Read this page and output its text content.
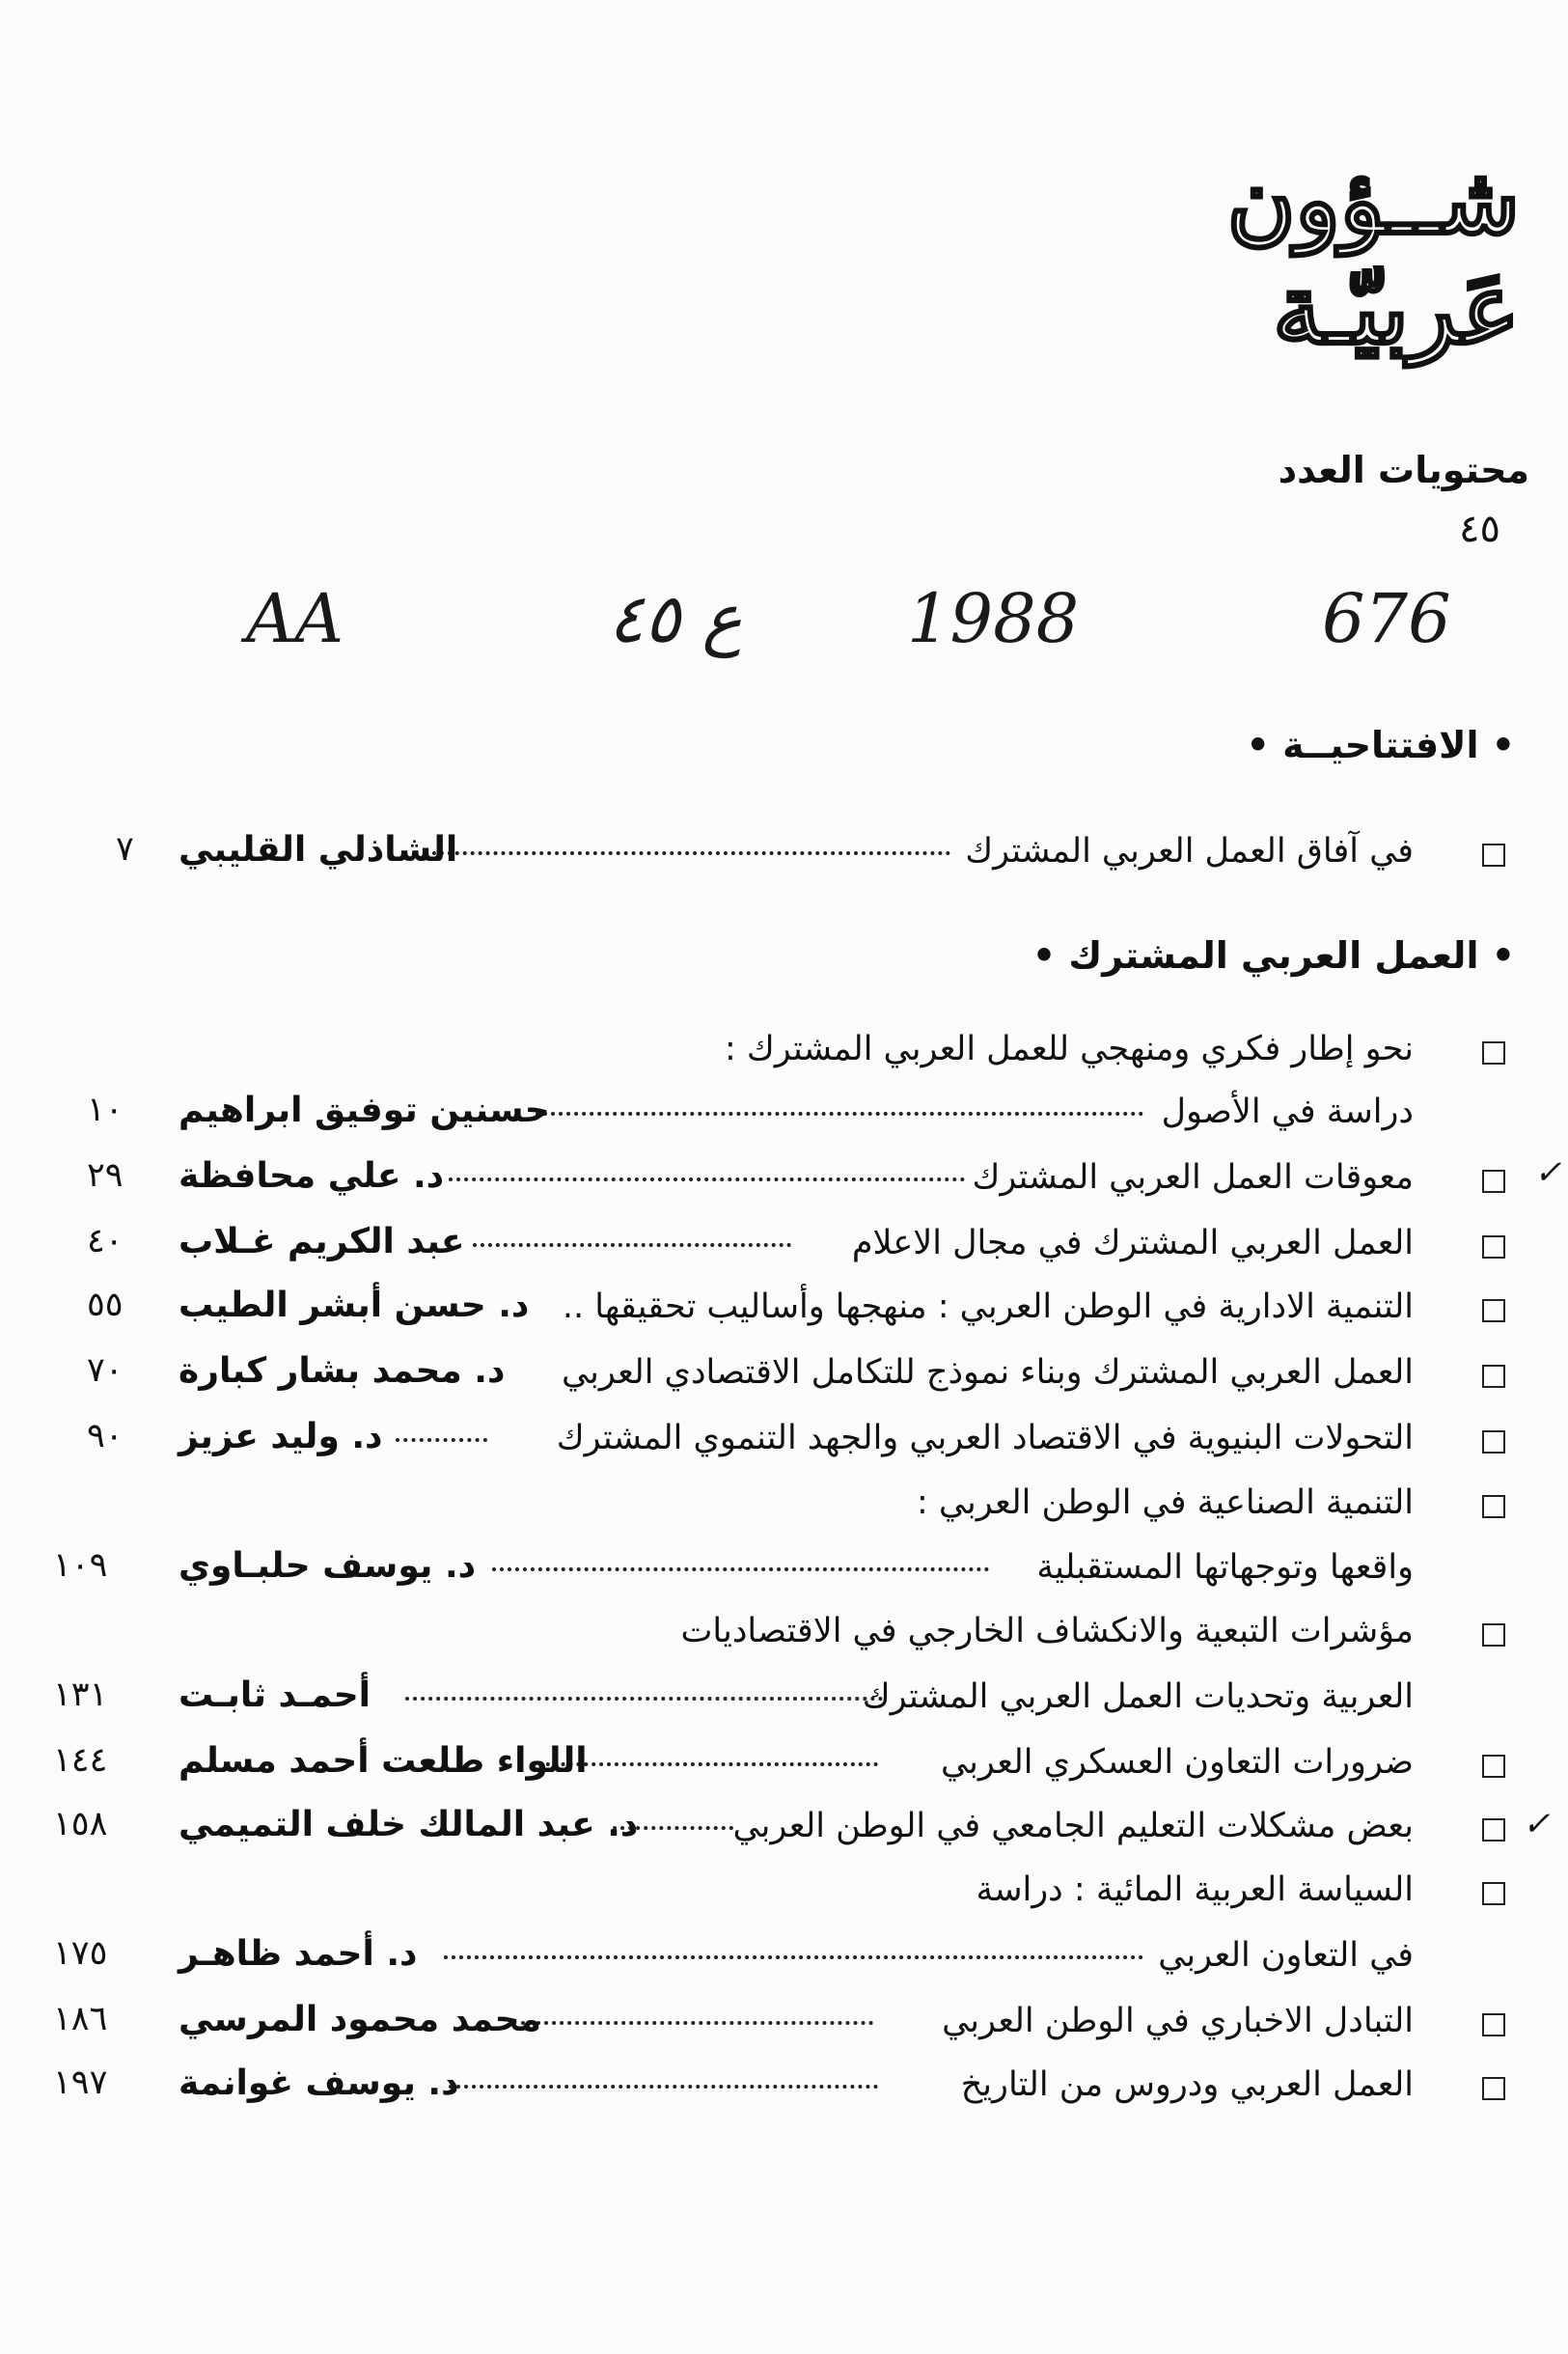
شــؤون
عَربيّـة
محتويات العدد
٤٥
AA	ع ٤٥ 1988	676
• الافتتاحيــة •
في آفاق العمل العربي المشترك
الشاذلي القليبي
٧
• العمل العربي المشترك •
نحو إطار فكري ومنهجي للعمل العربي المشترك :
دراسة في الأصول
حسنين توفيق ابراهيم
١٠
معوقات العمل العربي المشترك
د. علي محافظة
٢٩
العمل العربي المشترك في مجال الاعلام
عبد الكريم غـلاب
٤٠
التنمية الادارية في الوطن العربي : منهجها وأساليب تحقيقها ..
د. حسن أبشر الطيب
٥٥
العمل العربي المشترك وبناء نموذج للتكامل الاقتصادي العربي
د. محمد بشار كبارة
٧٠
التحولات البنيوية في الاقتصاد العربي والجهد التنموي المشترك
د. وليد عزيز
٩٠
التنمية الصناعية في الوطن العربي :
واقعها وتوجهاتها المستقبلية
د. يوسف حلبـاوي
١٠٩
مؤشرات التبعية والانكشاف الخارجي في الاقتصاديات
العربية وتحديات العمل العربي المشترك
أحمـد ثابـت
١٣١
ضرورات التعاون العسكري العربي
اللواء طلعت أحمد مسلم
١٤٤
بعض مشكلات التعليم الجامعي في الوطن العربي
د. عبد المالك خلف التميمي
١٥٨
السياسة العربية المائية : دراسة
في التعاون العربي
د. أحمد ظاهـر
١٧٥
التبادل الاخباري في الوطن العربي
محمد محمود المرسي
١٨٦
العمل العربي ودروس من التاريخ
د. يوسف غوانمة
١٩٧
✓
✓
